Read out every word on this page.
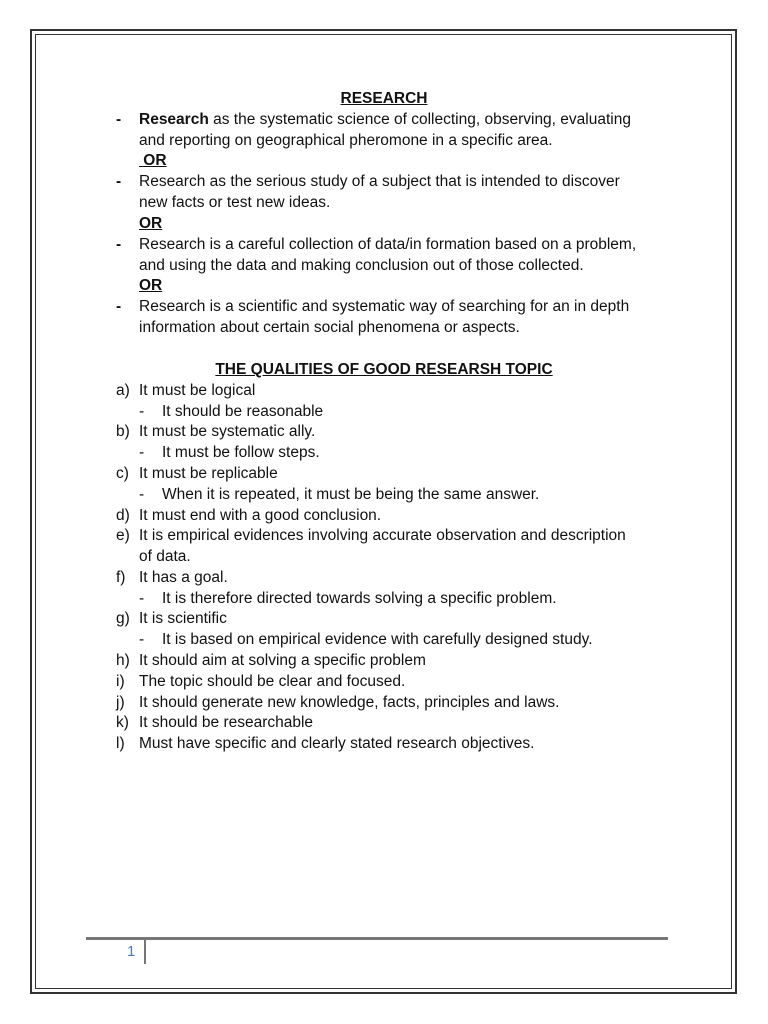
RESEARCH
- Research as the systematic science of collecting, observing, evaluating
and reporting on geographical pheromone in a specific area.
OR
- Research as the serious study of a subject that is intended to discover
new facts or test new ideas.
OR
- Research is a careful collection of data/in formation based on a problem,
and using the data and making conclusion out of those collected.
OR
- Research is a scientific and systematic way of searching for an in depth
information about certain social phenomena or aspects.
THE QUALITIES OF GOOD RESEARSH TOPIC
a) It must be logical
- It should be reasonable
b) It must be systematic ally.
- It must be follow steps.
c) It must be replicable
- When it is repeated, it must be being the same answer.
d) It must end with a good conclusion.
e) It is empirical evidences involving accurate observation and description
of data.
f) It has a goal.
- It is therefore directed towards solving a specific problem.
g) It is scientific
- It is based on empirical evidence with carefully designed study.
h) It should aim at solving a specific problem
i) The topic should be clear and focused.
j) It should generate new knowledge, facts, principles and laws.
k) It should be researchable
l) Must have specific and clearly stated research objectives.
1
